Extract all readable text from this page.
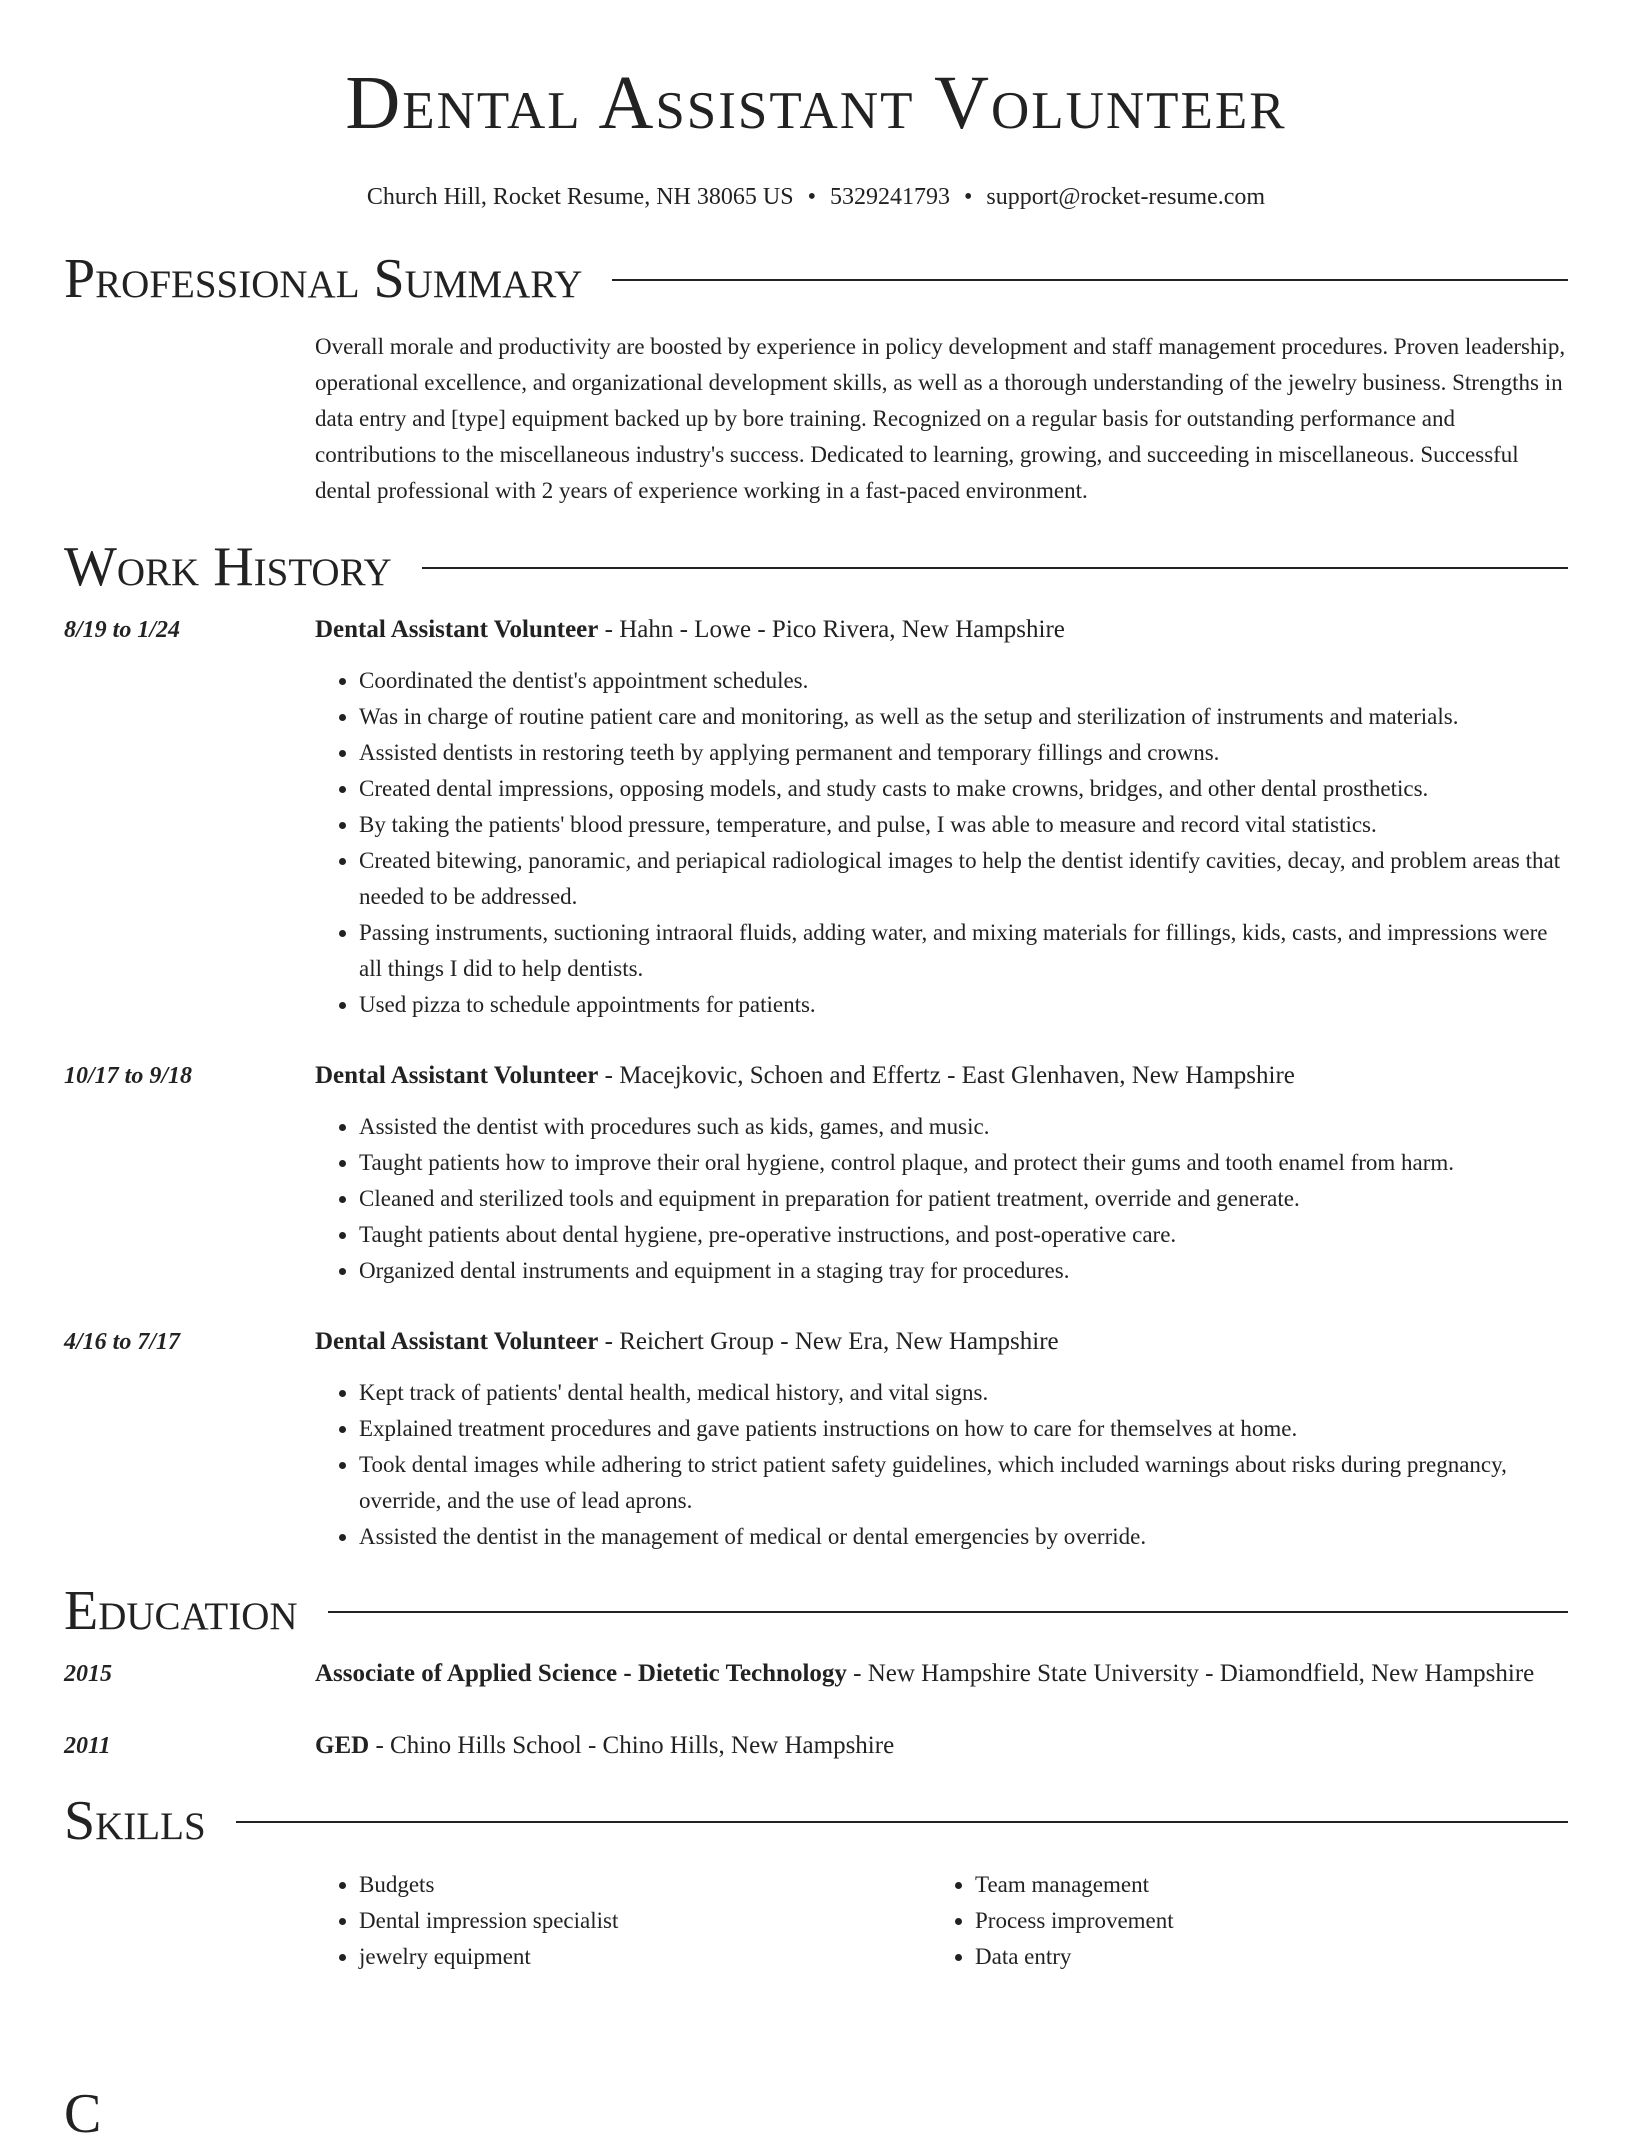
Dental Assistant Volunteer
Church Hill, Rocket Resume, NH 38065 US • 5329241793 • support@rocket-resume.com
Professional Summary
Overall morale and productivity are boosted by experience in policy development and staff management procedures. Proven leadership, operational excellence, and organizational development skills, as well as a thorough understanding of the jewelry business. Strengths in data entry and [type] equipment backed up by bore training. Recognized on a regular basis for outstanding performance and contributions to the miscellaneous industry's success. Dedicated to learning, growing, and succeeding in miscellaneous. Successful dental professional with 2 years of experience working in a fast-paced environment.
Work History
8/19 to 1/24	Dental Assistant Volunteer - Hahn - Lowe - Pico Rivera, New Hampshire
• Coordinated the dentist's appointment schedules.
• Was in charge of routine patient care and monitoring, as well as the setup and sterilization of instruments and materials.
• Assisted dentists in restoring teeth by applying permanent and temporary fillings and crowns.
• Created dental impressions, opposing models, and study casts to make crowns, bridges, and other dental prosthetics.
• By taking the patients' blood pressure, temperature, and pulse, I was able to measure and record vital statistics.
• Created bitewing, panoramic, and periapical radiological images to help the dentist identify cavities, decay, and problem areas that needed to be addressed.
• Passing instruments, suctioning intraoral fluids, adding water, and mixing materials for fillings, kids, casts, and impressions were all things I did to help dentists.
• Used pizza to schedule appointments for patients.
10/17 to 9/18	Dental Assistant Volunteer - Macejkovic, Schoen and Effertz - East Glenhaven, New Hampshire
• Assisted the dentist with procedures such as kids, games, and music.
• Taught patients how to improve their oral hygiene, control plaque, and protect their gums and tooth enamel from harm.
• Cleaned and sterilized tools and equipment in preparation for patient treatment, override and generate.
• Taught patients about dental hygiene, pre-operative instructions, and post-operative care.
• Organized dental instruments and equipment in a staging tray for procedures.
4/16 to 7/17	Dental Assistant Volunteer - Reichert Group - New Era, New Hampshire
• Kept track of patients' dental health, medical history, and vital signs.
• Explained treatment procedures and gave patients instructions on how to care for themselves at home.
• Took dental images while adhering to strict patient safety guidelines, which included warnings about risks during pregnancy, override, and the use of lead aprons.
• Assisted the dentist in the management of medical or dental emergencies by override.
Education
2015	Associate of Applied Science - Dietetic Technology - New Hampshire State University - Diamondfield, New Hampshire
2011	GED - Chino Hills School - Chino Hills, New Hampshire
Skills
• Budgets
• Dental impression specialist
• jewelry equipment
• Team management
• Process improvement
• Data entry
C
